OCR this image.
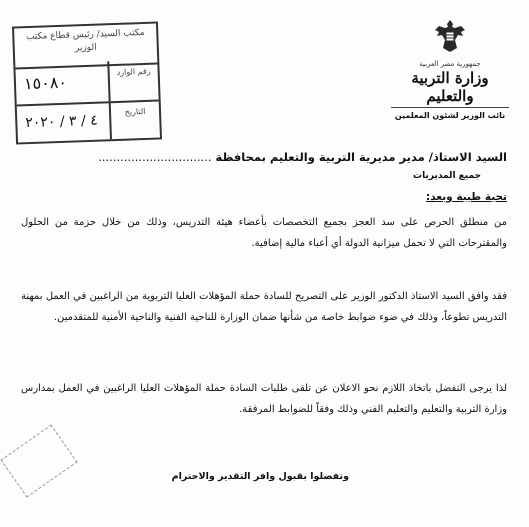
جمهورية مصر العربية
وزارة التربية والتعليم
نائب الوزير لشئون المعلمين
مكتب السيد/ رئيس قطاع مكتب الوزير
١٥٠٨٠
رقم الوارد
٤ / ٣ / ٢٠٢٠
التاريخ
السيد الاستاذ/ مدير مديرية التربية والتعليم بمحافظة ...............................
جميع المديريات
تحية طيبة وبعد:
من منطلق الحرص على سد العجز بجميع التخصصات بأعضاء هيئة التدريس، وذلك من خلال حزمة من الحلول والمقترحات التي لا تحمل ميزانية الدولة أي أعباء مالية إضافية.
فقد وافق السيد الاستاذ الدكتور الوزير على التصريح للسادة حملة المؤهلات العليا التربوية من الراغبين في العمل بمهنة التدريس تطوعاً، وذلك في ضوء ضوابط خاصة من شأنها ضمان الوزارة للناحية الفنية والناحية الأمنية للمتقدمين.
لذا يرجى التفضل باتخاذ اللازم نحو الاعلان عن تلقى طلبات السادة حملة المؤهلات العليا الراغبين في العمل بمدارس وزارة التربية والتعليم والتعليم الفني وذلك وفقاً للضوابط المرفقة.
وتفضلوا بقبول وافر التقدير والاحترام
